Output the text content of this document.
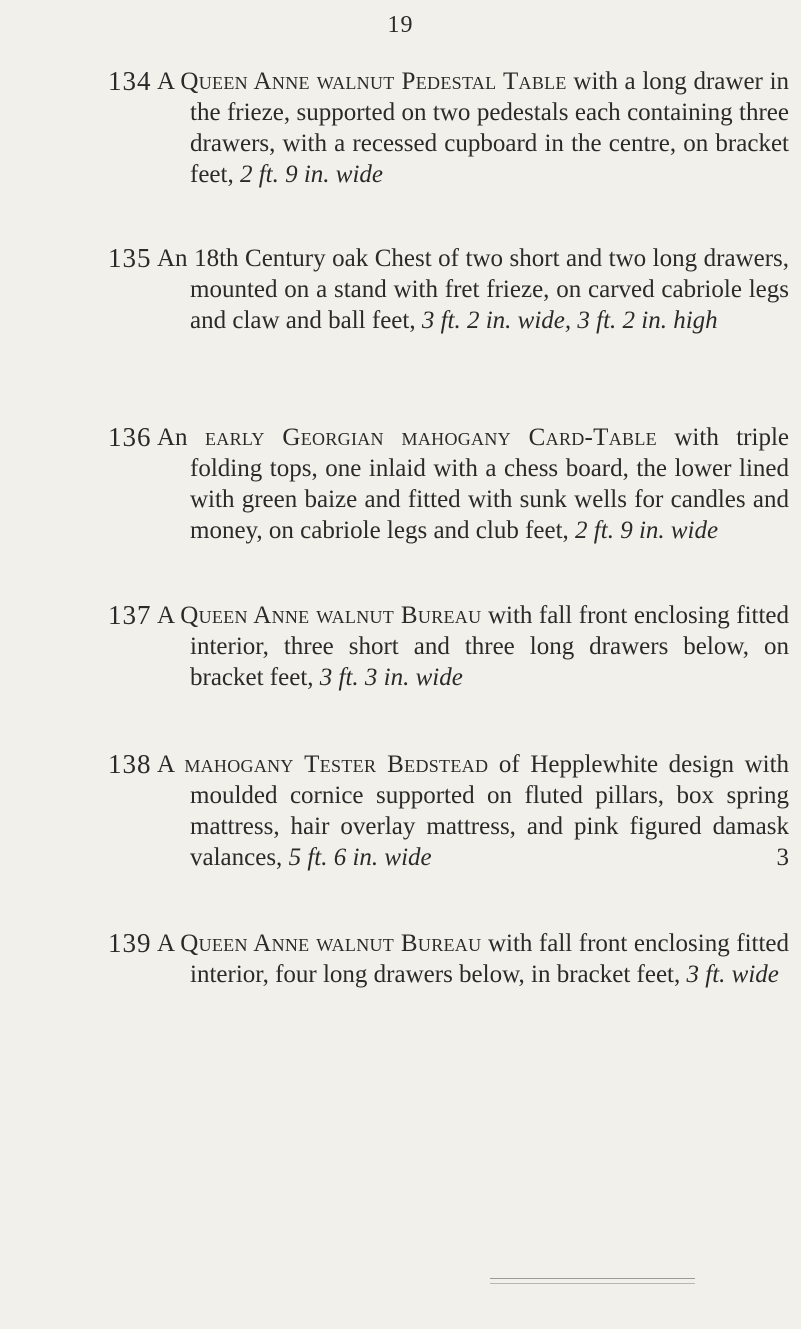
19
134 A Queen Anne walnut Pedestal Table with a long drawer in the frieze, supported on two pedestals each containing three drawers, with a recessed cupboard in the centre, on bracket feet, 2 ft. 9 in. wide
135 An 18th Century oak Chest of two short and two long drawers, mounted on a stand with fret frieze, on carved cabriole legs and claw and ball feet, 3 ft. 2 in. wide, 3 ft. 2 in. high
136 An early Georgian mahogany Card-Table with triple folding tops, one inlaid with a chess board, the lower lined with green baize and fitted with sunk wells for candles and money, on cabriole legs and club feet, 2 ft. 9 in. wide
137 A Queen Anne walnut Bureau with fall front enclosing fitted interior, three short and three long drawers below, on bracket feet, 3 ft. 3 in. wide
138 A mahogany Tester Bedstead of Hepplewhite design with moulded cornice supported on fluted pillars, box spring mattress, hair overlay mattress, and pink figured damask valances, 5 ft. 6 in. wide	3
139 A Queen Anne walnut Bureau with fall front enclosing fitted interior, four long drawers below, in bracket feet, 3 ft. wide
